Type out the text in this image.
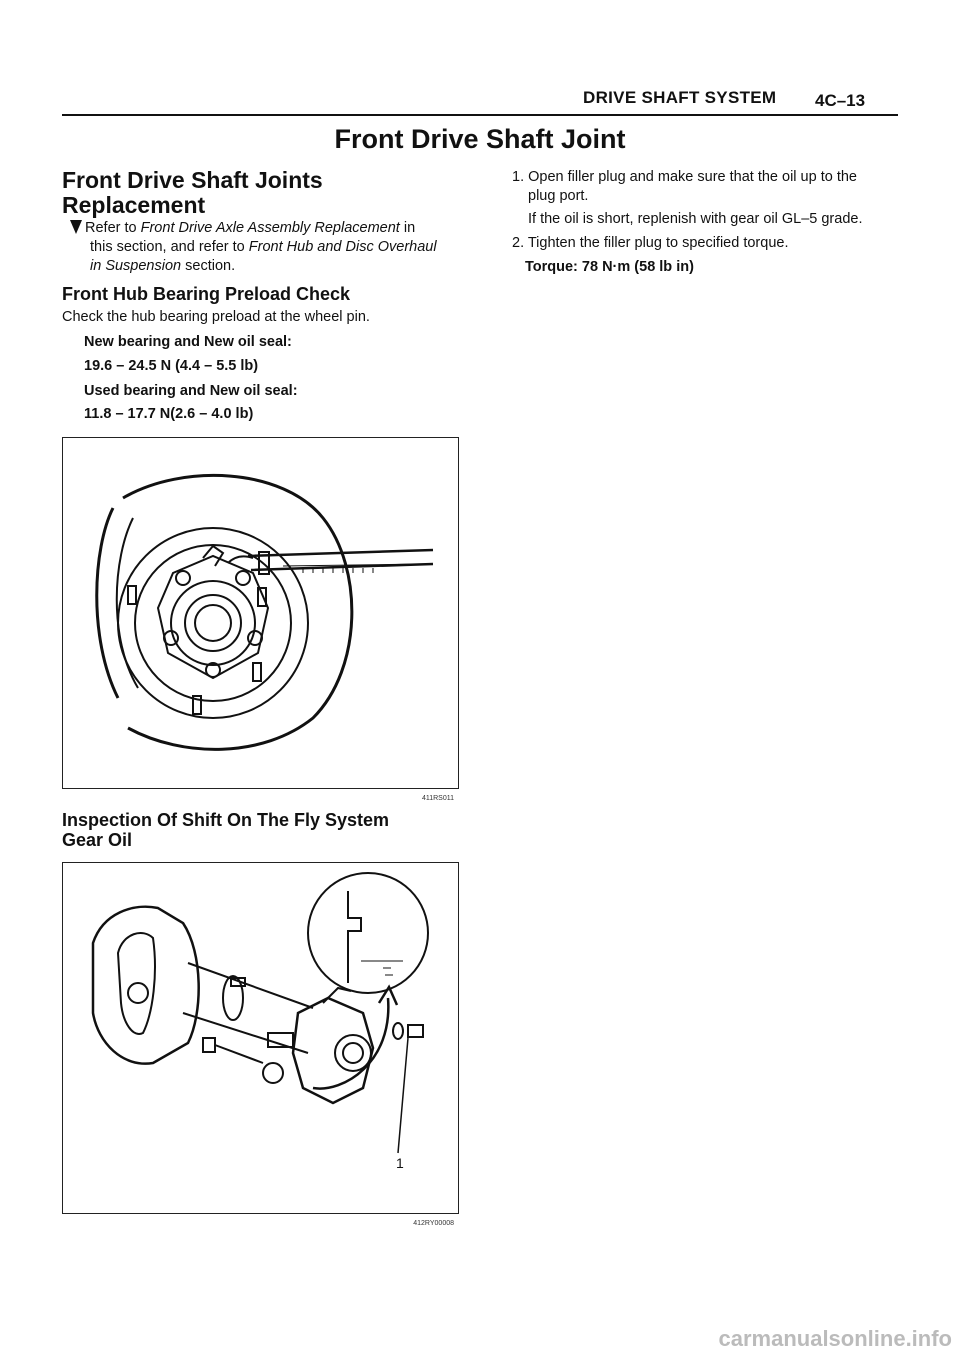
DRIVE SHAFT SYSTEM 4C–13
Front Drive Shaft Joint
Front Drive Shaft Joints
Replacement
Refer to Front Drive Axle Assembly Replacement in
this section, and refer to Front Hub and Disc Overhaul
in Suspension section.
Front Hub Bearing Preload Check
Check the hub bearing preload at the wheel pin.
New bearing and New oil seal:
19.6 – 24.5 N (4.4 – 5.5 lb)
Used bearing and New oil seal:
11.8 – 17.7 N(2.6 – 4.0 lb)
411RS011
Inspection Of Shift On The Fly System
Gear Oil
1
412RY00008
1. Open filler plug and make sure that the oil up to the
plug port.
If the oil is short, replenish with gear oil GL–5 grade.
2. Tighten the filler plug to specified torque.
Torque: 78 N·m (58 lb in)
carmanualsonline.info
